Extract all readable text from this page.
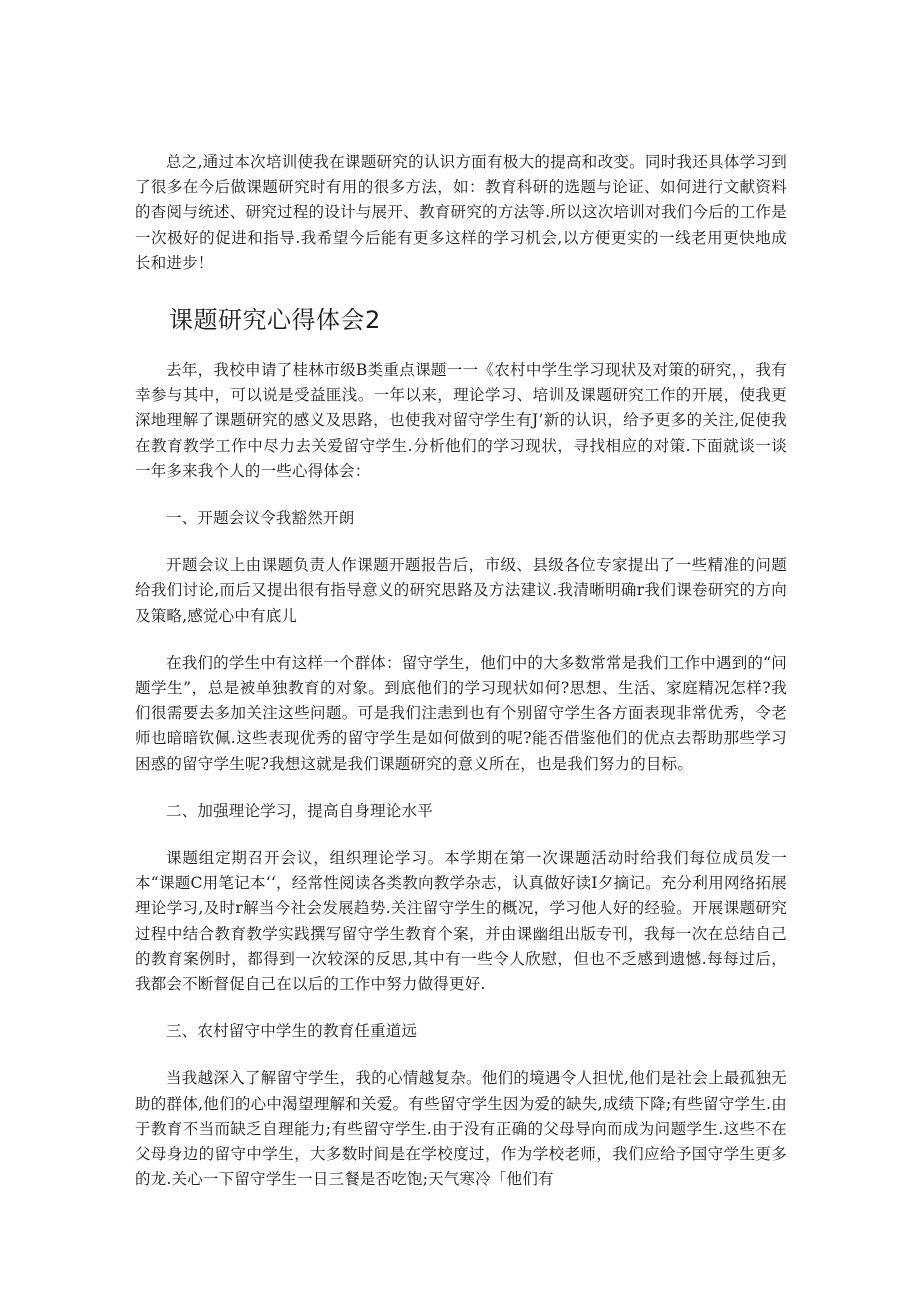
总之,通过本次培训使我在课题研究的认识方面有极大的提高和改变。同时我还具体学习到了很多在今后做课题研究时有用的很多方法，如：教育科研的选题与论证、如何进行文献资料的杳阅与统述、研究过程的设计与展开、教育研究的方法等.所以这次培训对我们今后的工作是一次极好的促进和指导.我希望今后能有更多这样的学习机会,以方便更实的一线老用更快地成长和进步！

课题研究心得体会2

去年，我校申请了桂林市级B类重点课题一一《农村中学生学习现状及对策的研究，，我有幸参与其中，可以说是受益匪浅。一年以来，理论学习、培训及课题研究工作的开展，使我更深地理解了课题研究的感义及思路，也使我对留守学生有J’新的认识，给予更多的关注,促使我在教育教学工作中尽力去关爱留守学生.分析他们的学习现状，寻找相应的对策.下面就谈一谈一年多来我个人的一些心得体会：

一、开题会议令我豁然开朗

开题会议上由课题负责人作课题开题报告后，市级、县级各位专家提出了一些精准的问题给我们讨论,而后又提出很有指导意义的研究思路及方法建议.我清晰明确r我们课卷研究的方向及策略,感觉心中有底儿

在我们的学生中有这样一个群体：留守学生，他们中的大多数常常是我们工作中遇到的“问题学生”，总是被单独教育的对象。到底他们的学习现状如何?思想、生活、家庭精况怎样?我们很需要去多加关注这些问题。可是我们注恚到也有个别留守学生各方面表现非常优秀，令老师也暗暗钦佩.这些表现优秀的留守学生是如何做到的呢?能否借鉴他们的优点去帮助那些学习困惑的留守学生呢?我想这就是我们课题研究的意义所在，也是我们努力的目标。

二、加强理论学习，提高自身理论水平

课题组定期召开会议，组织理论学习。本学期在第一次课题活动时给我们每位成员发一本“课题C用笔记本‘‘，经常性阅读各类教向教学杂志，认真做好读I夕摘记。充分利用网络拓展理论学习,及时r解当今社会发展趋势.关注留守学生的概况，学习他人好的经验。开展课题研究过程中结合教育教学实践撰写留守学生教育个案，并由课幽组出版专刊，我每一次在总结自己的教育案例时，都得到一次较深的反思,其中有一些令人欣慰，但也不乏感到遗憾.每每过后，我都会不断督促自己在以后的工作中努力做得更好.

三、农村留守中学生的教育任重道远

当我越深入了解留守学生，我的心情越复杂。他们的境遇令人担忧,他们是社会上最孤独无助的群体,他们的心中渴望理解和关爱。有些留守学生因为爱的缺失,成绩下降;有些留守学生.由于教育不当而缺乏自理能力;有些留守学生.由于没有正确的父母导向而成为问题学生.这些不在父母身边的留守中学生，大多数时间是在学校度过，作为学校老师，我们应给予国守学生更多的龙.关心一下留守学生一日三餐是否吃饱;天气寒冷「他们有
